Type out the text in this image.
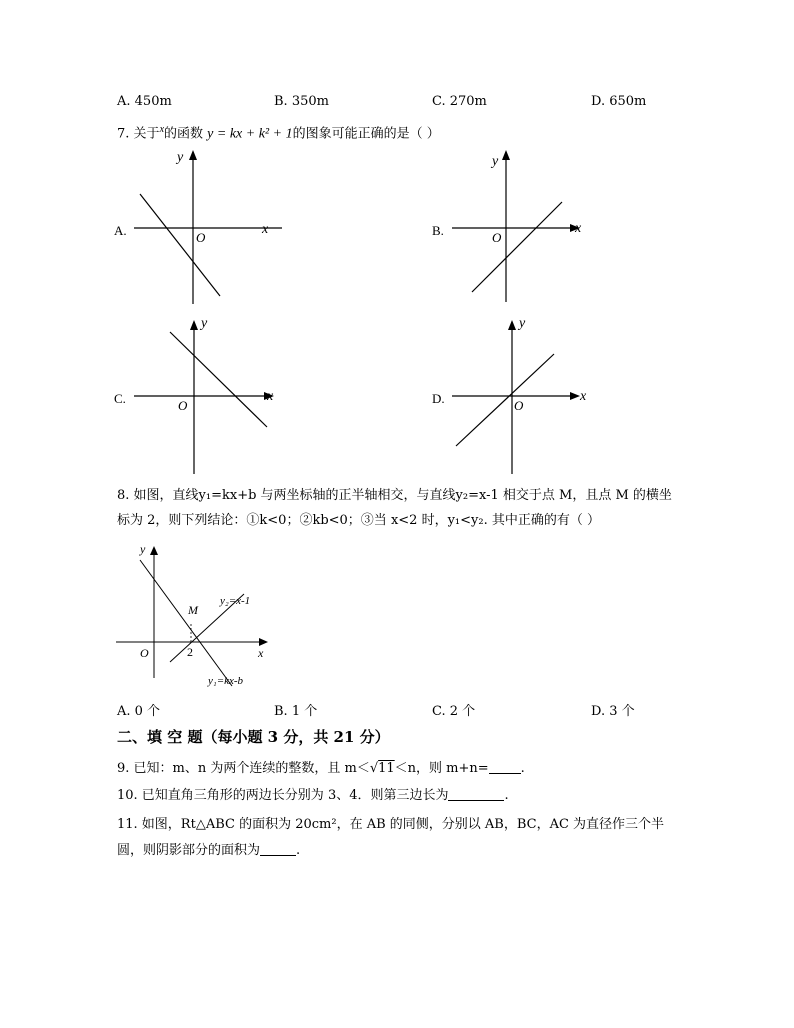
A. 450m	B. 350m	C. 270m	D. 650m
7. 关于$^x$的函数 y = kx + k² + 1的图象可能正确的是（ ）
A.	x
y
O	B.	x
y
O
C.	x
y
O	D.	x
y
O
8. 如图，直线y₁=kx+b 与两坐标轴的正半轴相交，与直线y₂=x-1 相交于点 M，且点 M 的横坐
标为 2，则下列结论：①k<0；②kb<0；③当 x<2 时，y₁<y₂. 其中正确的有（ ）
y
x
O
M
2
y₂=x-1
y₁=kx-b
A. 0 个	B. 1 个	C. 2 个	D. 3 个
二、填 空 题（每小题 3 分，共 21 分）
9. 已知：m、n 为两个连续的整数，且 m＜√11＜n，则 m+n= .
10. 已知直角三角形的两边长分别为 3、4．则第三边长为	.
11. 如图，Rt△ABC 的面积为 20cm²，在 AB 的同侧，分别以 AB，BC，AC 为直径作三个半
圆，则阴影部分的面积为	.
